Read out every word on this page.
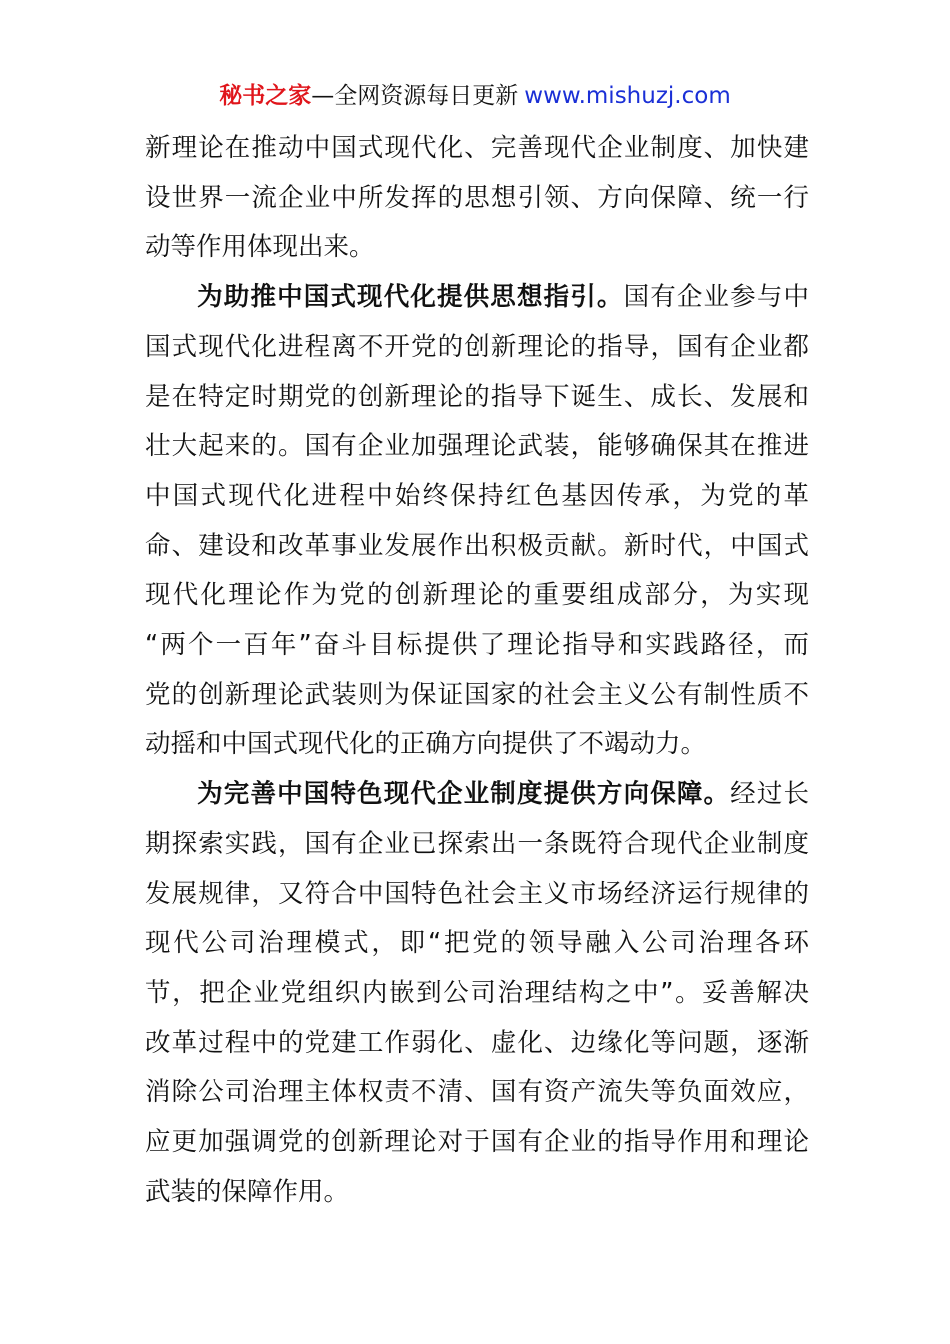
秘书之家—全网资源每日更新 www.mishuzj.com
新理论在推动中国式现代化、完善现代企业制度、加快建
设世界一流企业中所发挥的思想引领、方向保障、统一行
动等作用体现出来。
为助推中国式现代化提供思想指引。国有企业参与中
国式现代化进程离不开党的创新理论的指导，国有企业都
是在特定时期党的创新理论的指导下诞生、成长、发展和
壮大起来的。国有企业加强理论武装，能够确保其在推进
中国式现代化进程中始终保持红色基因传承，为党的革
命、建设和改革事业发展作出积极贡献。新时代，中国式
现代化理论作为党的创新理论的重要组成部分，为实现
“两个一百年”奋斗目标提供了理论指导和实践路径，而
党的创新理论武装则为保证国家的社会主义公有制性质不
动摇和中国式现代化的正确方向提供了不竭动力。
为完善中国特色现代企业制度提供方向保障。经过长
期探索实践，国有企业已探索出一条既符合现代企业制度
发展规律，又符合中国特色社会主义市场经济运行规律的
现代公司治理模式，即“把党的领导融入公司治理各环
节，把企业党组织内嵌到公司治理结构之中”。妥善解决
改革过程中的党建工作弱化、虚化、边缘化等问题，逐渐
消除公司治理主体权责不清、国有资产流失等负面效应，
应更加强调党的创新理论对于国有企业的指导作用和理论
武装的保障作用。
